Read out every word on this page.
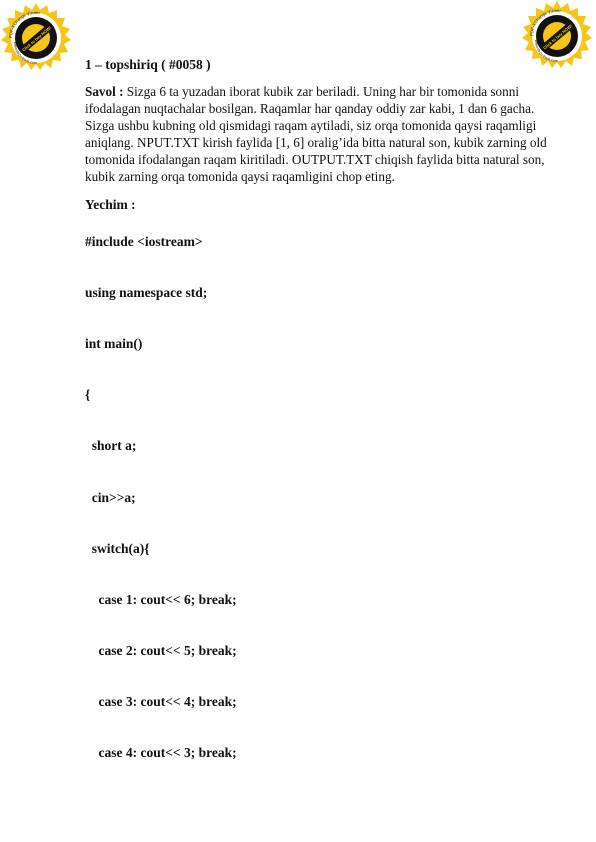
PDF-XChange Viewer
www.docu-track.com
Click to buy NOW!	PDF-XChange Viewer
www.docu-track.com
Click to buy NOW!

1 – topshiriq ( #0058 )

Savol : Sizga 6 ta yuzadan iborat kubik zar beriladi. Uning har bir tomonida sonni ifodalagan nuqtachalar bosilgan. Raqamlar har qanday oddiy zar kabi, 1 dan 6 gacha. Sizga ushbu kubning old qismidagi raqam aytiladi, siz orqa tomonida qaysi raqamligi aniqlang. NPUT.TXT kirish faylida [1, 6] oralig’ida bitta natural son, kubik zarning old tomonida ifodalangan raqam kiritiladi. OUTPUT.TXT chiqish faylida bitta natural son, kubik zarning orqa tomonida qaysi raqamligini chop eting.

Yechim :

#include <iostream>
using namespace std;
int main()
{
short a;
cin>>a;
switch(a){
case 1: cout<< 6; break;
case 2: cout<< 5; break;
case 3: cout<< 4; break;
case 4: cout<< 3; break;
